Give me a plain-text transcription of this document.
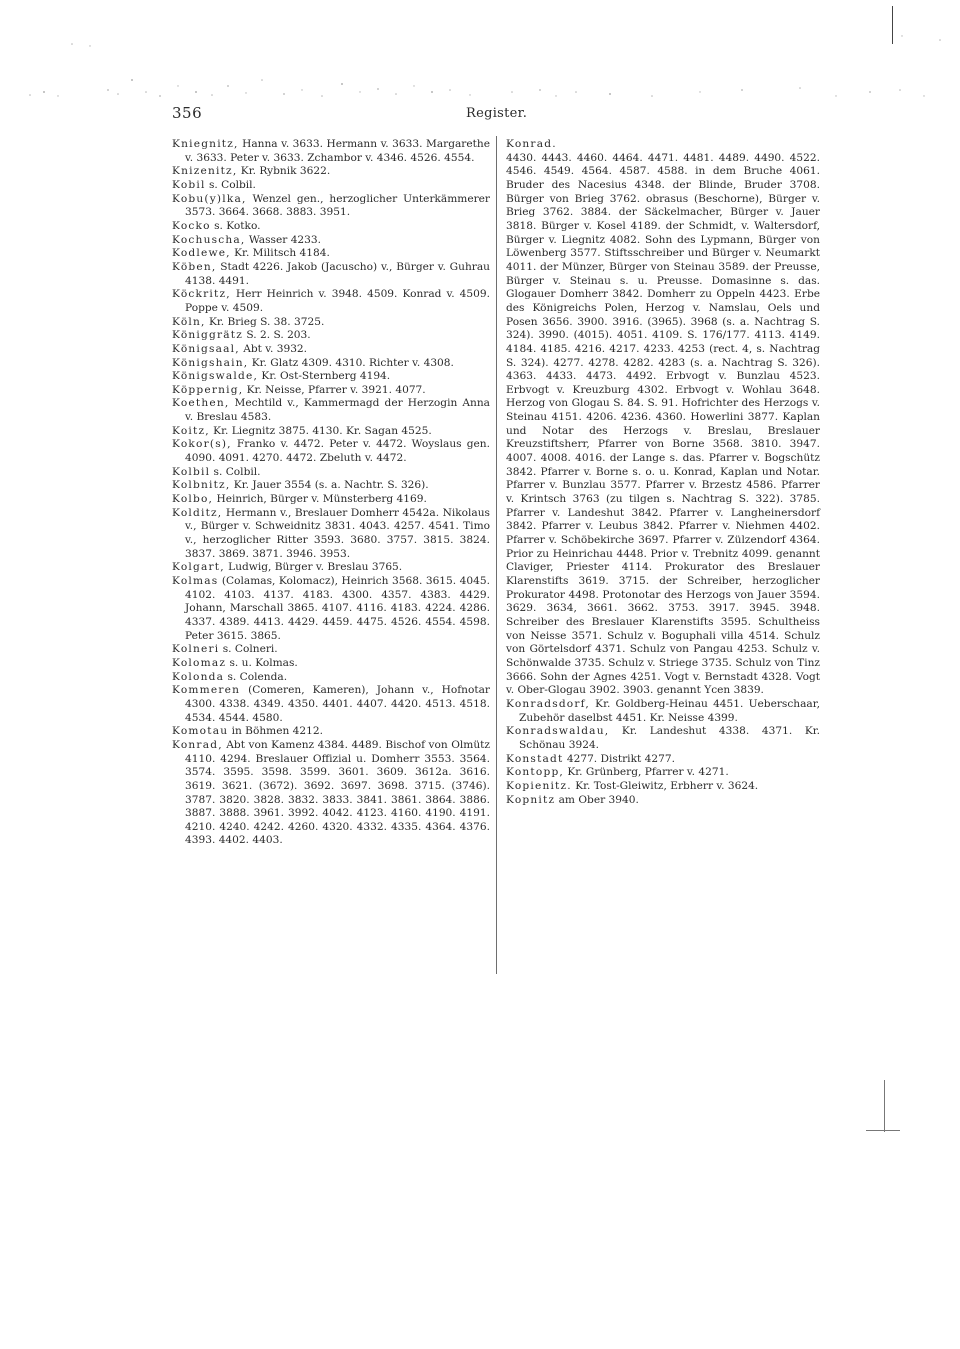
356	Register.

Kniegnitz, Hanna v. 3633. Hermann v. 3633. Margarethe v. 3633. Peter v. 3633. Zchambor v. 4346. 4526. 4554.

Knizenitz, Kr. Rybnik 3622.

Kobil s. Colbil.

Kobu(y)lka, Wenzel gen., herzoglicher Unterkämmerer 3573. 3664. 3668. 3883. 3951.

Kocko s. Kotko.

Kochuscha, Wasser 4233.

Kodlewe, Kr. Militsch 4184.

Köben, Stadt 4226. Jakob (Jacuscho) v., Bürger v. Guhrau 4138. 4491.

Köckritz, Herr Heinrich v. 3948. 4509. Konrad v. 4509. Poppe v. 4509.

Köln, Kr. Brieg S. 38. 3725.

Königgrätz S. 2. S. 203.

Königsaal, Abt v. 3932.

Königshain, Kr. Glatz 4309. 4310. Richter v. 4308.

Königswalde, Kr. Ost-Sternberg 4194.

Köppernig, Kr. Neisse, Pfarrer v. 3921. 4077.

Koethen, Mechtild v., Kammermagd der Herzogin Anna v. Breslau 4583.

Koitz, Kr. Liegnitz 3875. 4130. Kr. Sagan 4525.

Kokor(s), Franko v. 4472. Peter v. 4472. Woyslaus gen. 4090. 4091. 4270. 4472. Zbeluth v. 4472.

Kolbil s. Colbil.

Kolbnitz, Kr. Jauer 3554 (s. a. Nachtr. S. 326).

Kolbo, Heinrich, Bürger v. Münsterberg 4169.

Kolditz, Hermann v., Breslauer Domherr 4542a. Nikolaus v., Bürger v. Schweidnitz 3831. 4043. 4257. 4541. Timo v., herzoglicher Ritter 3593. 3680. 3757. 3815. 3824. 3837. 3869. 3871. 3946. 3953.

Kolgart, Ludwig, Bürger v. Breslau 3765.

Kolmas (Colamas, Kolomacz), Heinrich 3568. 3615. 4045. 4102. 4103. 4137. 4183. 4300. 4357. 4383. 4429. Johann, Marschall 3865. 4107. 4116. 4183. 4224. 4286. 4337. 4389. 4413. 4429. 4459. 4475. 4526. 4554. 4598. Peter 3615. 3865.

Kolneri s. Colneri.

Kolomaz s. u. Kolmas.

Kolonda s. Colenda.

Kommeren (Comeren, Kameren), Johann v., Hofnotar 4300. 4338. 4349. 4350. 4401. 4407. 4420. 4513. 4518. 4534. 4544. 4580.

Komotau in Böhmen 4212.

Konrad, Abt von Kamenz 4384. 4489. Bischof von Olmütz 4110. 4294. Breslauer Offizial u. Domherr 3553. 3564. 3574. 3595. 3598. 3599. 3601. 3609. 3612a. 3616. 3619. 3621. (3672). 3692. 3697. 3698. 3715. (3746). 3787. 3820. 3828. 3832. 3833. 3841. 3861. 3864. 3886. 3887. 3888. 3961. 3992. 4042. 4123. 4160. 4190. 4191. 4210. 4240. 4242. 4260. 4320. 4332. 4335. 4364. 4376. 4393. 4402. 4403.

Konrad.

4430. 4443. 4460. 4464. 4471. 4481. 4489. 4490. 4522. 4546. 4549. 4564. 4587. 4588. in dem Bruche 4061. Bruder des Nacesius 4348. der Blinde, Bruder 3708. Bürger von Brieg 3762. obrasus (Beschorne), Bürger v. Brieg 3762. 3884. der Säckelmacher, Bürger v. Jauer 3818. Bürger v. Kosel 4189. der Schmidt, v. Waltersdorf, Bürger v. Liegnitz 4082. Sohn des Lypmann, Bürger von Löwenberg 3577. Stiftsschreiber und Bürger v. Neumarkt 4011. der Münzer, Bürger von Steinau 3589. der Preusse, Bürger v. Steinau s. u. Preusse. Domasinne s. das. Glogauer Domherr 3842. Domherr zu Oppeln 4423. Erbe des Königreichs Polen, Herzog v. Namslau, Oels und Posen 3656. 3900. 3916. (3965). 3968 (s. a. Nachtrag S. 324). 3990. (4015). 4051. 4109. S. 176/177. 4113. 4149. 4184. 4185. 4216. 4217. 4233. 4253 (rect. 4, s. Nachtrag S. 324). 4277. 4278. 4282. 4283 (s. a. Nachtrag S. 326). 4363. 4433. 4473. 4492. Erbvogt v. Bunzlau 4523. Erbvogt v. Kreuzburg 4302. Erbvogt v. Wohlau 3648. Herzog von Glogau S. 84. S. 91. Hofrichter des Herzogs v. Steinau 4151. 4206. 4236. 4360. Howerlini 3877. Kaplan und Notar des Herzogs v. Breslau, Breslauer Kreuzstiftsherr, Pfarrer von Borne 3568. 3810. 3947. 4007. 4008. 4016. der Lange s. das. Pfarrer v. Bogschütz 3842. Pfarrer v. Borne s. o. u. Konrad, Kaplan und Notar. Pfarrer v. Bunzlau 3577. Pfarrer v. Brzestz 4586. Pfarrer v. Krintsch 3763 (zu tilgen s. Nachtrag S. 322). 3785. Pfarrer v. Landeshut 3842. Pfarrer v. Langheinersdorf 3842. Pfarrer v. Leubus 3842. Pfarrer v. Niehmen 4402. Pfarrer v. Schöbekirche 3697. Pfarrer v. Zülzendorf 4364. Prior zu Heinrichau 4448. Prior v. Trebnitz 4099. genannt Claviger, Priester 4114. Prokurator des Breslauer Klarenstifts 3619. 3715. der Schreiber, herzoglicher Prokurator 4498. Protonotar des Herzogs von Jauer 3594. 3629. 3634, 3661. 3662. 3753. 3917. 3945. 3948. Schreiber des Breslauer Klarenstifts 3595. Schultheiss von Neisse 3571. Schulz v. Boguphali villa 4514. Schulz von Görtelsdorf 4371. Schulz von Pangau 4253. Schulz v. Schönwalde 3735. Schulz v. Striege 3735. Schulz von Tinz 3666. Sohn der Agnes 4251. Vogt v. Bernstadt 4328. Vogt v. Ober-Glogau 3902. 3903. genannt Ycen 3839.

Konradsdorf, Kr. Goldberg-Heinau 4451. Ueberschaar, Zubehör daselbst 4451. Kr. Neisse 4399.

Konradswaldau, Kr. Landeshut 4338. 4371. Kr. Schönau 3924.

Konstadt 4277. Distrikt 4277.

Kontopp, Kr. Grünberg, Pfarrer v. 4271.

Kopienitz. Kr. Tost-Gleiwitz, Erbherr v. 3624.

Kopnitz am Ober 3940.
